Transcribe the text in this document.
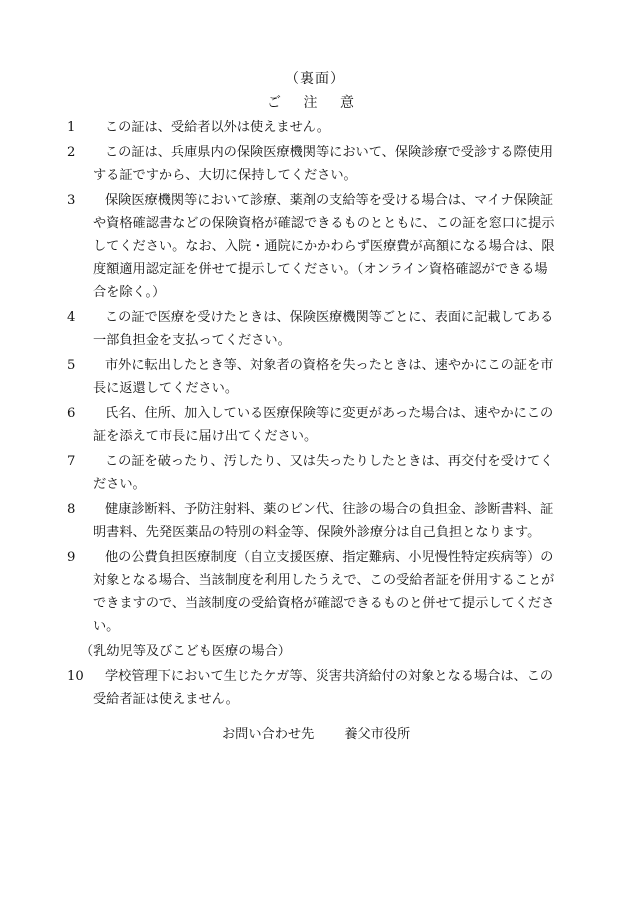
（裏面）
ご 注 意
1 この証は、受給者以外は使えません。
2 この証は、兵庫県内の保険医療機関等において、保険診療で受診する際使用する証ですから、大切に保持してください。
3 保険医療機関等において診療、薬剤の支給等を受ける場合は、マイナ保険証や資格確認書などの保険資格が確認できるものとともに、この証を窓口に提示してください。なお、入院・通院にかかわらず医療費が高額になる場合は、限度額適用認定証を併せて提示してください。（オンライン資格確認ができる場合を除く。）
4 この証で医療を受けたときは、保険医療機関等ごとに、表面に記載してある一部負担金を支払ってください。
5 市外に転出したとき等、対象者の資格を失ったときは、速やかにこの証を市長に返還してください。
6 氏名、住所、加入している医療保険等に変更があった場合は、速やかにこの証を添えて市長に届け出てください。
7 この証を破ったり、汚したり、又は失ったりしたときは、再交付を受けてください。
8 健康診断料、予防注射料、薬のビン代、往診の場合の負担金、診断書料、証明書料、先発医薬品の特別の料金等、保険外診療分は自己負担となります。
9 他の公費負担医療制度（自立支援医療、指定難病、小児慢性特定疾病等）の対象となる場合、当該制度を利用したうえで、この受給者証を併用することができますので、当該制度の受給資格が確認できるものと併せて提示してください。
（乳幼児等及びこども医療の場合）
10 学校管理下において生じたケガ等、災害共済給付の対象となる場合は、この受給者証は使えません。
お問い合わせ先 養父市役所
